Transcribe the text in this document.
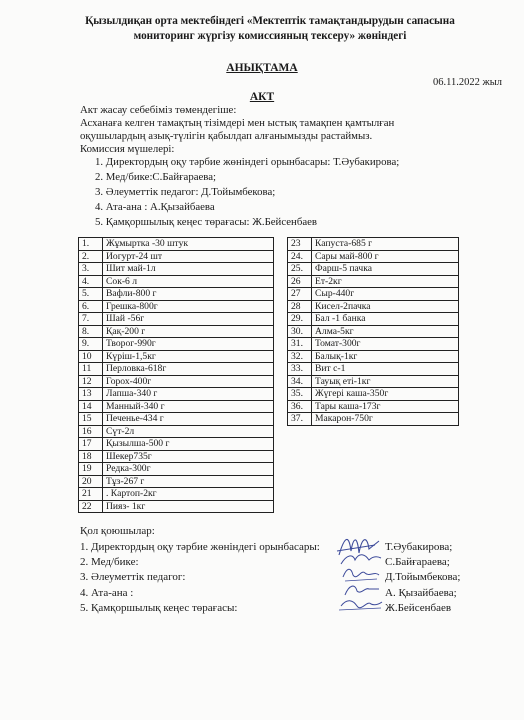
Қызылдиқан орта мектебіндегі «Мектептік тамақтандырудын сапасына
мониторинг жүргізу комиссияның тексеру» жөніндегі
АНЫҚТАМА
06.11.2022 жыл
АКТ
Акт жасау себебіміз төмендегіше:
Асханаға келген тамақтың тізімдері мен ыстық тамақпен қамтылған
оқушылардың азық-түлігін қабылдап алғанымызды растаймыз.
Комиссия мүшелері:
1. Директордың оқу тәрбие жөніндегі орынбасары: Т.Әубакирова;
2. Мед/бике:С.Байғараева;
3. Әлеуметтік педагог: Д.Тойымбекова;
4. Ата-ана : А.Қызайбаева
5. Қамқоршылық кеңес төрағасы: Ж.Бейсенбаев
1.	Жұмыртка -30 штук
2.	Иогурт-24 шт
3.	Шит май-1л
4.	Сок-6 л
5.	Вафли-800 г
6.	Грешка-800г
7.	Шай -56г
8.	Қақ-200 г
9.	Творог-990г
10	Күріш-1,5кг
11	Перловка-618г
12	Горох-400г
13	Лапша-340 г
14	Манный-340 г
15	Печенье-434 г
16	Сүт-2л
17	Қызылша-500 г
18	Шекер735г
19	Редка-300г
20	Тұз-267 г
21	. Картоп-2кг
22	Пияз- 1кг
23	Капуста-685 г
24.	Сары май-800 г
25.	Фарш-5 пачка
26	Ет-2кг
27	Сыр-440г
28	Кисел-2пачка
29.	Бал -1 банка
30.	Алма-5кг
31.	Томат-300г
32.	Балық-1кг
33.	Вит с-1
34.	Тауық еті-1кг
35.	Жүгері каша-350г
36.	Тары каша-173г
37.	Макарон-750г
Қол қоюшылар:
1. Директордың оқу тәрбие жөніндегі орынбасары:	Т.Әубакирова;
2. Мед/бике:	С.Байғараева;
3. Әлеуметтік педагог:	Д.Тойымбекова;
4. Ата-ана :	А. Қызайбаева;
5. Қамқоршылық кеңес төрағасы:	Ж.Бейсенбаев
